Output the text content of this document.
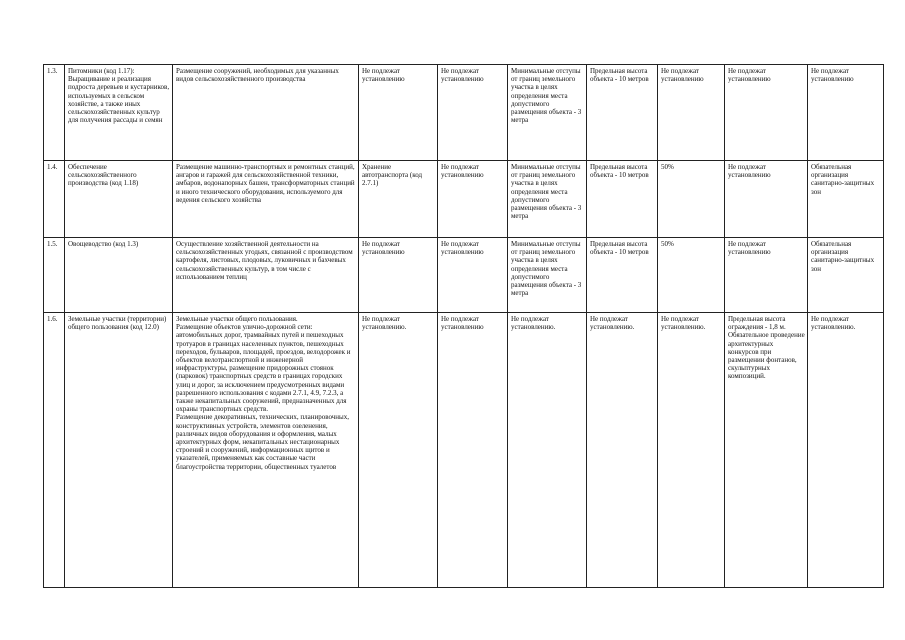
1.3.	Питомники (код 1.17):
Выращивание и реализация подроста деревьев и кустарников, используемых в сельском хозяйстве, а также иных сельскохозяйственных культур для получения рассады и семян	Размещение сооружений, необходимых для указанных видов сельскохозяйственного производства	Не подлежат установлению	Не подлежат установлению	Минимальные отступы от границ земельного участка в целях определения места допустимого размещения объекта - 3 метра	Предельная высота объекта - 10 метров	Не подлежат установлению	Не подлежат установлению	Не подлежат установлению
1.4.	Обеспечение сельскохозяйственного производства (код 1.18)	Размещение машинно-транспортных и ремонтных станций, ангаров и гаражей для сельскохозяйственной техники, амбаров, водонапорных башен, трансформаторных станций и иного технического оборудования, используемого для ведения сельского хозяйства	Хранение автотранспорта (код 2.7.1)	Не подлежат установлению	Минимальные отступы от границ земельного участка в целях определения места допустимого размещения объекта - 3 метра	Предельная высота объекта - 10 метров	50%	Не подлежат установлению	Обязательная организация санитарно-защитных зон
1.5.	Овощеводство (код 1.3)	Осуществление хозяйственной деятельности на сельскохозяйственных угодьях, связанной с производством картофеля, листовых, плодовых, луковичных и бахчевых сельскохозяйственных культур, в том числе с использованием теплиц	Не подлежат установлению	Не подлежат установлению	Минимальные отступы от границ земельного участка в целях определения места допустимого размещения объекта - 3 метра	Предельная высота объекта - 10 метров	50%	Не подлежат установлению	Обязательная организация санитарно-защитных зон
1.6.	Земельные участки (территории) общего пользования (код 12.0)	Земельные участки общего пользования.
Размещение объектов улично-дорожной сети: автомобильных дорог, трамвайных путей и пешеходных тротуаров в границах населенных пунктов, пешеходных переходов, бульваров, площадей, проездов, велодорожек и объектов велотранспортной и инженерной инфраструктуры, размещение придорожных стоянок (парковок) транспортных средств в границах городских улиц и дорог, за исключением предусмотренных видами разрешенного использования с кодами 2.7.1, 4.9, 7.2.3, а также некапитальных сооружений, предназначенных для охраны транспортных средств.
Размещение декоративных, технических, планировочных, конструктивных устройств, элементов озеленения, различных видов оборудования и оформления, малых архитектурных форм, некапитальных нестационарных строений и сооружений, информационных щитов и указателей, применяемых как составные части благоустройства территории, общественных туалетов	Не подлежат установлению.	Не подлежат установлению	Не подлежат установлению.	Не подлежат установлению.	Не подлежат установлению.	Предельная высота ограждения - 1,8 м. Обязательное проведение архитектурных конкурсов при размещении фонтанов, скульптурных композиций.	Не подлежат установлению.
